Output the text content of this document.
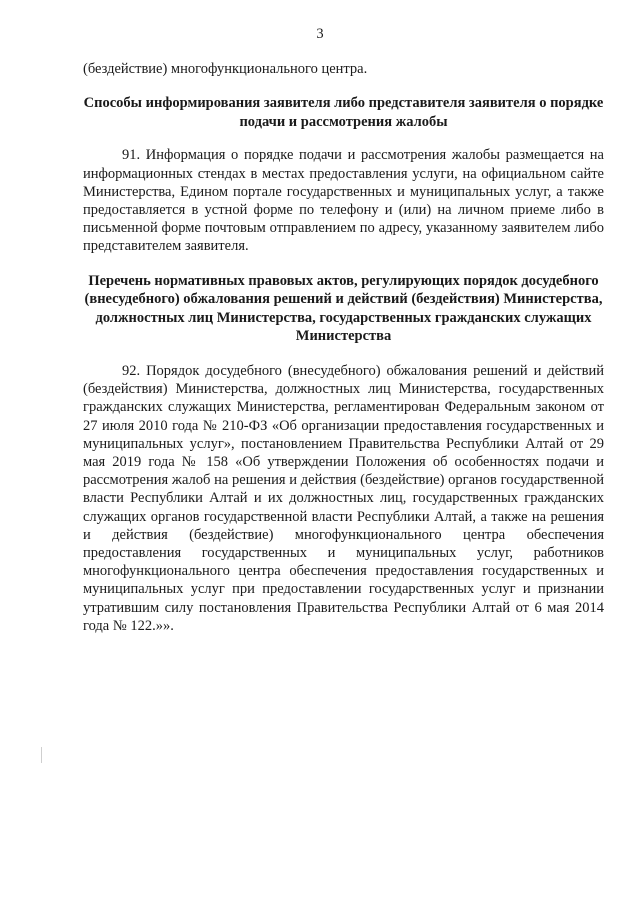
3

(бездействие) многофункционального центра.

Способы информирования заявителя либо представителя заявителя о порядке подачи и рассмотрения жалобы

91. Информация о порядке подачи и рассмотрения жалобы размещается на информационных стендах в местах предоставления услуги, на официальном сайте Министерства, Едином портале государственных и муниципальных услуг, а также предоставляется в устной форме по телефону и (или) на личном приеме либо в письменной форме почтовым отправлением по адресу, указанному заявителем либо представителем заявителя.

Перечень нормативных правовых актов, регулирующих порядок досудебного (внесудебного) обжалования решений и действий (бездействия) Министерства, должностных лиц Министерства, государственных гражданских служащих Министерства

92. Порядок досудебного (внесудебного) обжалования решений и действий (бездействия) Министерства, должностных лиц Министерства, государственных гражданских служащих Министерства, регламентирован Федеральным законом от 27 июля 2010 года № 210-ФЗ «Об организации предоставления государственных и муниципальных услуг», постановлением Правительства Республики Алтай от 29 мая 2019 года № 158 «Об утверждении Положения об особенностях подачи и рассмотрения жалоб на решения и действия (бездействие) органов государственной власти Республики Алтай и их должностных лиц, государственных гражданских служащих органов государственной власти Республики Алтай, а также на решения и действия (бездействие) многофункционального центра обеспечения предоставления государственных и муниципальных услуг, работников многофункционального центра обеспечения предоставления государственных и муниципальных услуг при предоставлении государственных услуг и признании утратившим силу постановления Правительства Республики Алтай от 6 мая 2014 года № 122.»».
